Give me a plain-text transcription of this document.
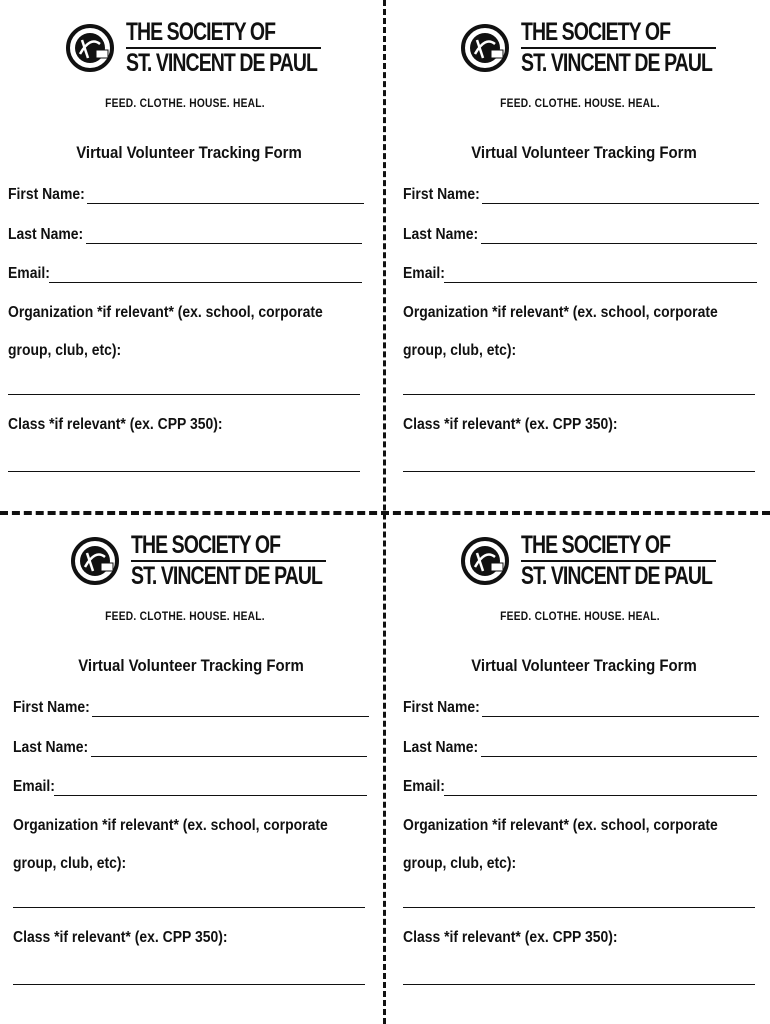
THE SOCIETY OF
ST. VINCENT DE PAUL
FEED. CLOTHE. HOUSE. HEAL.
Virtual Volunteer Tracking Form
First Name:
Last Name:
Email:
Organization *if relevant* (ex. school, corporate
group, club, etc):
Class *if relevant* (ex. CPP 350):
THE SOCIETY OF
ST. VINCENT DE PAUL
FEED. CLOTHE. HOUSE. HEAL.
Virtual Volunteer Tracking Form
First Name:
Last Name:
Email:
Organization *if relevant* (ex. school, corporate
group, club, etc):
Class *if relevant* (ex. CPP 350):
THE SOCIETY OF
ST. VINCENT DE PAUL
FEED. CLOTHE. HOUSE. HEAL.
Virtual Volunteer Tracking Form
First Name:
Last Name:
Email:
Organization *if relevant* (ex. school, corporate
group, club, etc):
Class *if relevant* (ex. CPP 350):
THE SOCIETY OF
ST. VINCENT DE PAUL
FEED. CLOTHE. HOUSE. HEAL.
Virtual Volunteer Tracking Form
First Name:
Last Name:
Email:
Organization *if relevant* (ex. school, corporate
group, club, etc):
Class *if relevant* (ex. CPP 350):
